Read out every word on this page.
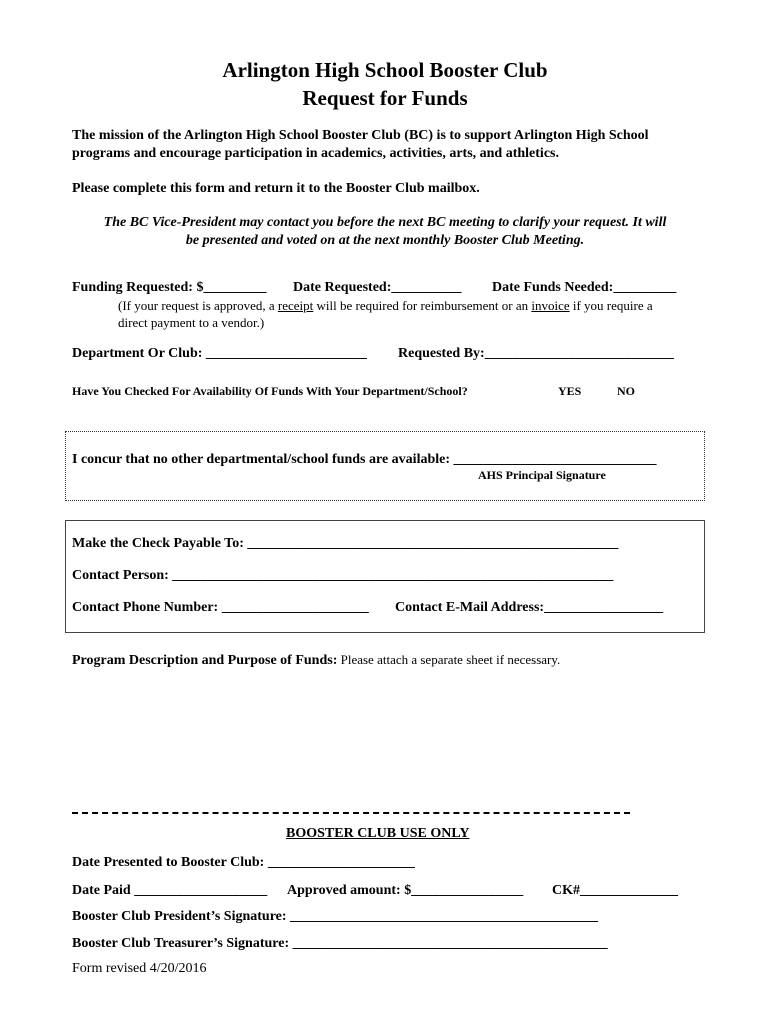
Arlington High School Booster Club
Request for Funds
The mission of the Arlington High School Booster Club (BC) is to support Arlington High School
programs and encourage participation in academics, activities, arts, and athletics.
Please complete this form and return it to the Booster Club mailbox.
The BC Vice-President may contact you before the next BC meeting to clarify your request. It will
be presented and voted on at the next monthly Booster Club Meeting.
Funding Requested: $_________ Date Requested:__________ Date Funds Needed:_________
(If your request is approved, a receipt will be required for reimbursement or an invoice if you require a
direct payment to a vendor.)
Department Or Club: _______________________ Requested By:___________________________
Have You Checked For Availability Of Funds With Your Department/School?	YES	NO
I concur that no other departmental/school funds are available: _____________________________
AHS Principal Signature
Make the Check Payable To: _____________________________________________________
Contact Person: _______________________________________________________________
Contact Phone Number: _____________________ Contact E-Mail Address:_________________
Program Description and Purpose of Funds: Please attach a separate sheet if necessary.
BOOSTER CLUB USE ONLY
Date Presented to Booster Club: _____________________
Date Paid ___________________ Approved amount: $________________ CK#______________
Booster Club President’s Signature: ____________________________________________
Booster Club Treasurer’s Signature: _____________________________________________
Form revised 4/20/2016
